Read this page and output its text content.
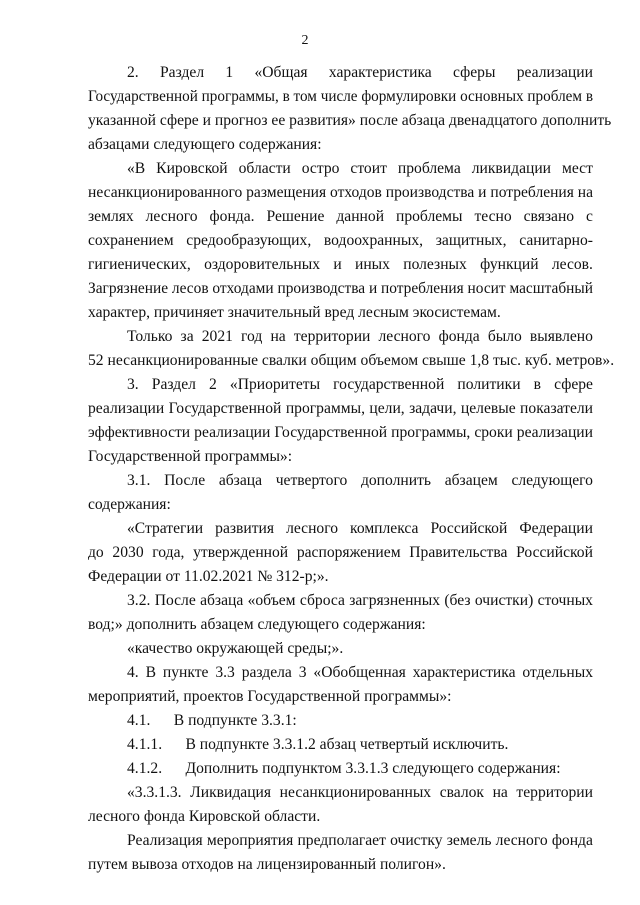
2
2. Раздел 1 «Общая характеристика сферы реализации
Государственной программы, в том числе формулировки основных проблем в
указанной сфере и прогноз ее развития» после абзаца двенадцатого дополнить
абзацами следующего содержания:
«В Кировской области остро стоит проблема ликвидации мест
несанкционированного размещения отходов производства и потребления на
землях лесного фонда. Решение данной проблемы тесно связано с
сохранением средообразующих, водоохранных, защитных, санитарно-
гигиенических, оздоровительных и иных полезных функций лесов.
Загрязнение лесов отходами производства и потребления носит масштабный
характер, причиняет значительный вред лесным экосистемам.
Только за 2021 год на территории лесного фонда было выявлено
52 несанкционированные свалки общим объемом свыше 1,8 тыс. куб. метров».
3. Раздел 2 «Приоритеты государственной политики в сфере
реализации Государственной программы, цели, задачи, целевые показатели
эффективности реализации Государственной программы, сроки реализации
Государственной программы»:
3.1. После абзаца четвертого дополнить абзацем следующего
содержания:
«Стратегии развития лесного комплекса Российской Федерации
до 2030 года, утвержденной распоряжением Правительства Российской
Федерации от 11.02.2021 № 312-р;».
3.2. После абзаца «объем сброса загрязненных (без очистки) сточных
вод;» дополнить абзацем следующего содержания:
«качество окружающей среды;».
4. В пункте 3.3 раздела 3 «Обобщенная характеристика отдельных
мероприятий, проектов Государственной программы»:
4.1.      В подпункте 3.3.1:
4.1.1.      В подпункте 3.3.1.2 абзац четвертый исключить.
4.1.2.      Дополнить подпунктом 3.3.1.3 следующего содержания:
«3.3.1.3. Ликвидация несанкционированных свалок на территории
лесного фонда Кировской области.
Реализация мероприятия предполагает очистку земель лесного фонда
путем вывоза отходов на лицензированный полигон».
